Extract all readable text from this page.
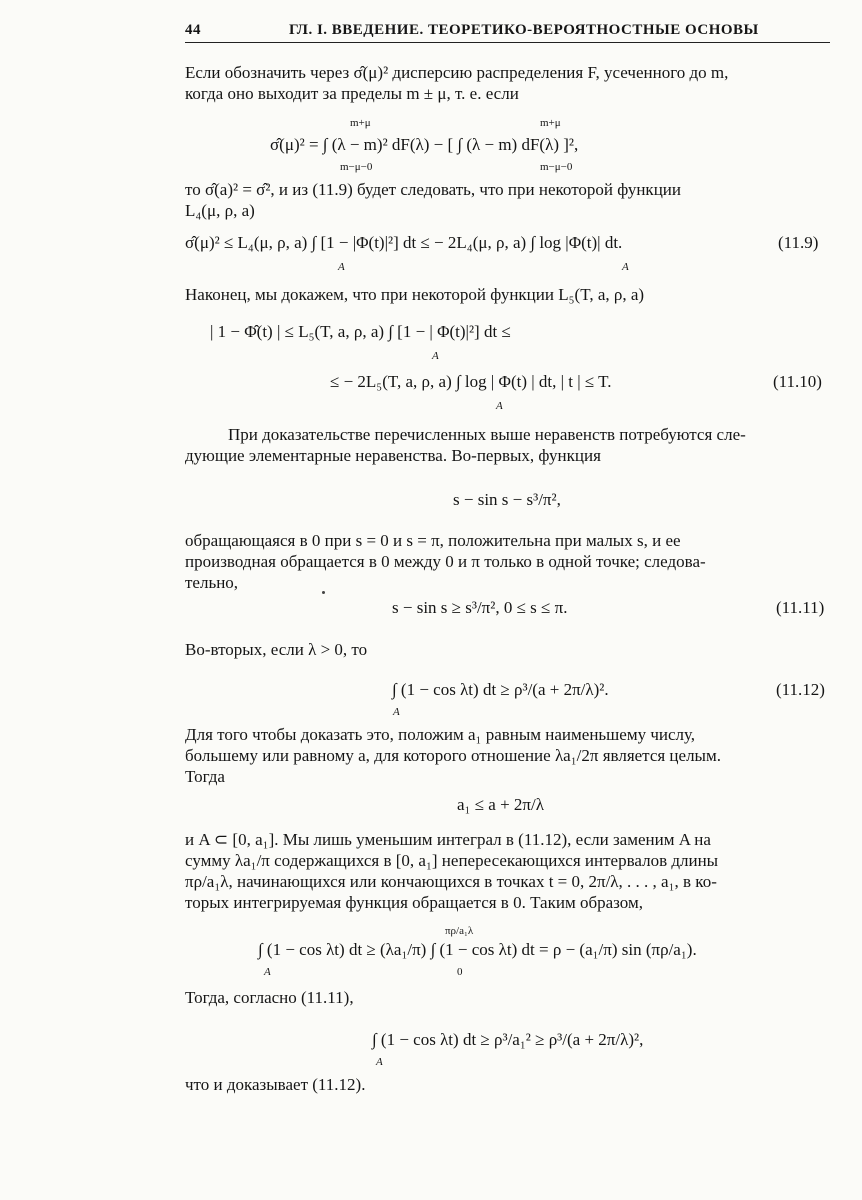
44	ГЛ. I. ВВЕДЕНИЕ. ТЕОРЕТИКО-ВЕРОЯТНОСТНЫЕ ОСНОВЫ
Если обозначить через σ̂(μ)² дисперсию распределения F, усеченного до m,
когда оно выходит за пределы m ± μ, т. е. если
m+μ	m+μ
σ̂(μ)² = ∫ (λ − m)² dF(λ) − [ ∫ (λ − m) dF(λ) ]²,
m−μ−0	m−μ−0
то σ̂(a)² = σ̂², и из (11.9) будет следовать, что при некоторой функции
L₄(μ, ρ, a)
σ̂(μ)² ≤ L₄(μ, ρ, a) ∫ [1 − |Φ(t)|²] dt ≤ − 2L₄(μ, ρ, a) ∫ log |Φ(t)| dt.	(11.9)
A	A
Наконец, мы докажем, что при некоторой функции L₅(T, a, ρ, a)
| 1 − Φ̂(t) | ≤ L₅(T, a, ρ, a) ∫ [1 − | Φ(t)|²] dt ≤
A
≤ − 2L₅(T, a, ρ, a) ∫ log | Φ(t) | dt, | t | ≤ T.	(11.10)
A
При доказательстве перечисленных выше неравенств потребуются сле-
дующие элементарные неравенства. Во-первых, функция
s − sin s − s³/π²,
обращающаяся в 0 при s = 0 и s = π, положительна при малых s, и ее
производная обращается в 0 между 0 и π только в одной точке; следова-
тельно,
s − sin s ≥ s³/π², 0 ≤ s ≤ π.	(11.11)
Во-вторых, если λ > 0, то
∫ (1 − cos λt) dt ≥ ρ³/(a + 2π/λ)².	(11.12)
A
Для того чтобы доказать это, положим a₁ равным наименьшему числу,
большему или равному a, для которого отношение λa₁/2π является целым.
Тогда
a₁ ≤ a + 2π/λ
и A ⊂ [0, a₁]. Мы лишь уменьшим интеграл в (11.12), если заменим A на
сумму λa₁/π содержащихся в [0, a₁] непересекающихся интервалов длины
πρ/a₁λ, начинающихся или кончающихся в точках t = 0, 2π/λ, . . . , a₁, в ко-
торых интегрируемая функция обращается в 0. Таким образом,
πρ/a₁λ
∫ (1 − cos λt) dt ≥ (λa₁/π) ∫ (1 − cos λt) dt = ρ − (a₁/π) sin (πρ/a₁).
A	0
Тогда, согласно (11.11),
∫ (1 − cos λt) dt ≥ ρ³/a₁² ≥ ρ³/(a + 2π/λ)²,
A
что и доказывает (11.12).
